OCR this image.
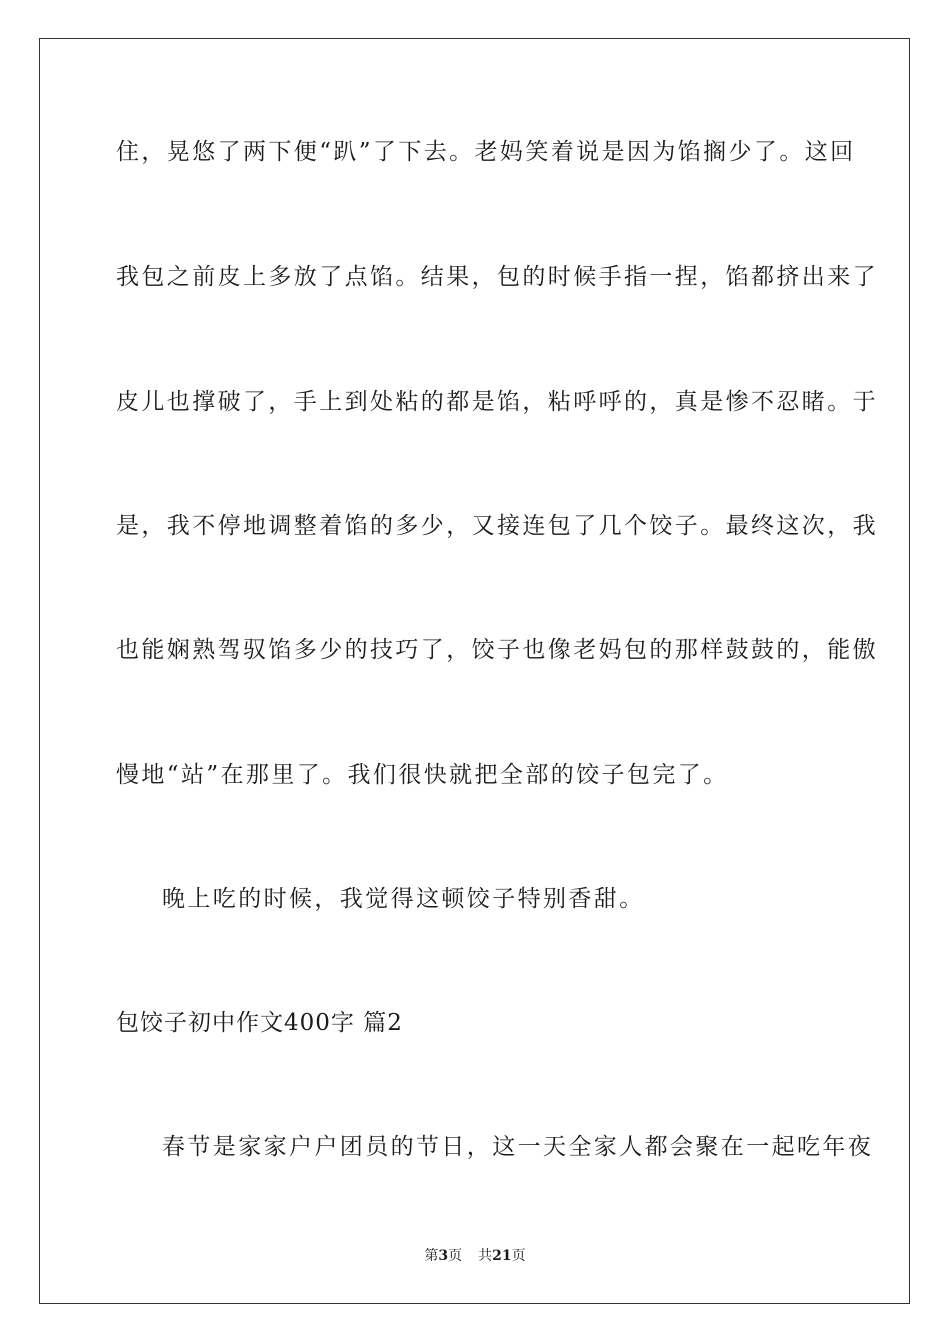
住，晃悠了两下便“趴”了下去。老妈笑着说是因为馅搁少了。这回
我包之前皮上多放了点馅。结果，包的时候手指一捏，馅都挤出来了
皮儿也撑破了，手上到处粘的都是馅，粘呼呼的，真是惨不忍睹。于
是，我不停地调整着馅的多少，又接连包了几个饺子。最终这次，我
也能娴熟驾驭馅多少的技巧了，饺子也像老妈包的那样鼓鼓的，能傲
慢地“站”在那里了。我们很快就把全部的饺子包完了。
晚上吃的时候，我觉得这顿饺子特别香甜。
包饺子初中作文400字 篇2
春节是家家户户团员的节日，这一天全家人都会聚在一起吃年夜
第3页 共21页
